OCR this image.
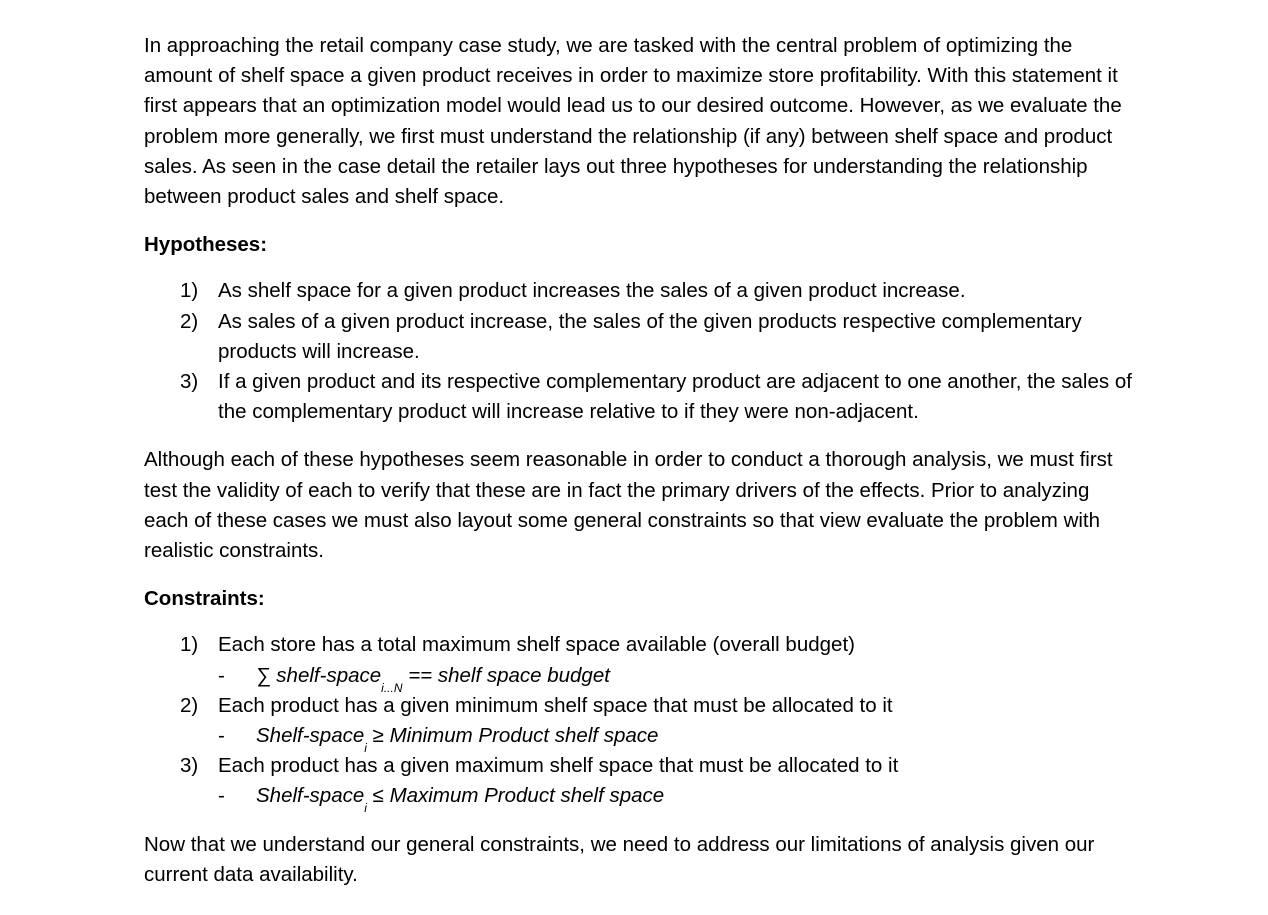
In approaching the retail company case study, we are tasked with the central problem of optimizing the amount of shelf space a given product receives in order to maximize store profitability. With this statement it first appears that an optimization model would lead us to our desired outcome. However, as we evaluate the problem more generally, we first must understand the relationship (if any) between shelf space and product sales. As seen in the case detail the retailer lays out three hypotheses for understanding the relationship between product sales and shelf space.

Hypotheses:

1) As shelf space for a given product increases the sales of a given product increase.
2) As sales of a given product increase, the sales of the given products respective complementary products will increase.
3) If a given product and its respective complementary product are adjacent to one another, the sales of the complementary product will increase relative to if they were non-adjacent.

Although each of these hypotheses seem reasonable in order to conduct a thorough analysis, we must first test the validity of each to verify that these are in fact the primary drivers of the effects. Prior to analyzing each of these cases we must also layout some general constraints so that view evaluate the problem with realistic constraints.

Constraints:

1) Each store has a total maximum shelf space available (overall budget)
- ∑ shelf-space$_{i...N}$ == shelf space budget
2) Each product has a given minimum shelf space that must be allocated to it
- Shelf-space$_i$ ≥ Minimum Product shelf space
3) Each product has a given maximum shelf space that must be allocated to it
- Shelf-space$_i$ ≤ Maximum Product shelf space

Now that we understand our general constraints, we need to address our limitations of analysis given our current data availability.
